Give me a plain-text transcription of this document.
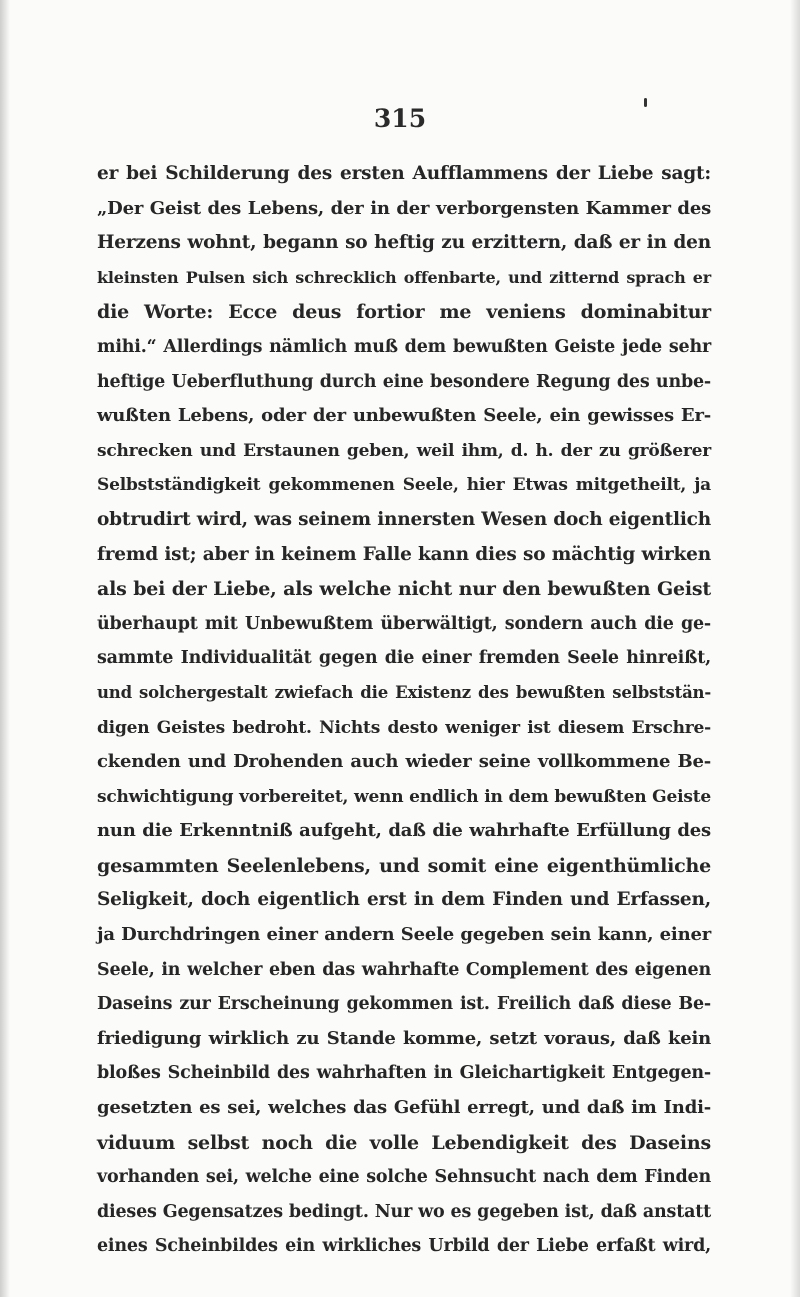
315

er bei Schilderung des ersten Aufflammens der Liebe sagt:
„Der Geist des Lebens, der in der verborgensten Kammer des
Herzens wohnt, begann so heftig zu erzittern, daß er in den
kleinsten Pulsen sich schrecklich offenbarte, und zitternd sprach er
die Worte: Ecce deus fortior me veniens dominabitur
mihi.“ Allerdings nämlich muß dem bewußten Geiste jede sehr
heftige Ueberfluthung durch eine besondere Regung des unbe-
wußten Lebens, oder der unbewußten Seele, ein gewisses Er-
schrecken und Erstaunen geben, weil ihm, d. h. der zu größerer
Selbstständigkeit gekommenen Seele, hier Etwas mitgetheilt, ja
obtrudirt wird, was seinem innersten Wesen doch eigentlich
fremd ist; aber in keinem Falle kann dies so mächtig wirken
als bei der Liebe, als welche nicht nur den bewußten Geist
überhaupt mit Unbewußtem überwältigt, sondern auch die ge-
sammte Individualität gegen die einer fremden Seele hinreißt,
und solchergestalt zwiefach die Existenz des bewußten selbststän-
digen Geistes bedroht. Nichts desto weniger ist diesem Erschre-
ckenden und Drohenden auch wieder seine vollkommene Be-
schwichtigung vorbereitet, wenn endlich in dem bewußten Geiste
nun die Erkenntniß aufgeht, daß die wahrhafte Erfüllung des
gesammten Seelenlebens, und somit eine eigenthümliche
Seligkeit, doch eigentlich erst in dem Finden und Erfassen,
ja Durchdringen einer andern Seele gegeben sein kann, einer
Seele, in welcher eben das wahrhafte Complement des eigenen
Daseins zur Erscheinung gekommen ist. Freilich daß diese Be-
friedigung wirklich zu Stande komme, setzt voraus, daß kein
bloßes Scheinbild des wahrhaften in Gleichartigkeit Entgegen-
gesetzten es sei, welches das Gefühl erregt, und daß im Indi-
viduum selbst noch die volle Lebendigkeit des Daseins
vorhanden sei, welche eine solche Sehnsucht nach dem Finden
dieses Gegensatzes bedingt. Nur wo es gegeben ist, daß anstatt
eines Scheinbildes ein wirkliches Urbild der Liebe erfaßt wird,
